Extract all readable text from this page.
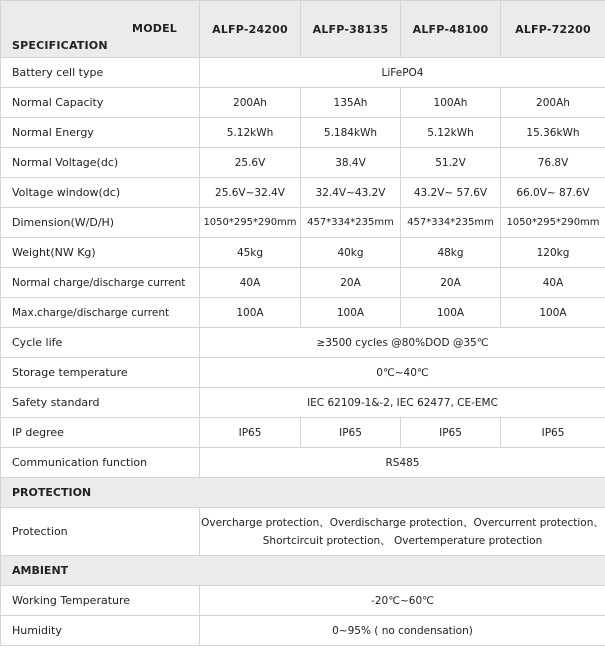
MODEL
SPECIFICATION	ALFP-24200	ALFP-38135	ALFP-48100	ALFP-72200
Battery cell type	LiFePO4			
Normal Capacity	200Ah	135Ah	100Ah	200Ah
Normal Energy	5.12kWh	5.184kWh	5.12kWh	15.36kWh
Normal Voltage(dc)	25.6V	38.4V	51.2V	76.8V
Voltage window(dc)	25.6V~32.4V	32.4V~43.2V	43.2V~ 57.6V	66.0V~ 87.6V
Dimension(W/D/H)	1050*295*290mm	457*334*235mm	457*334*235mm	1050*295*290mm
Weight(NW Kg)	45kg	40kg	48kg	120kg
Normal charge/discharge current	40A	20A	20A	40A
Max.charge/discharge current	100A	100A	100A	100A
Cycle life	≥3500 cycles @80%DOD @35℃			
Storage temperature	0℃~40℃			
Safety standard	IEC 62109-1&-2, IEC 62477, CE-EMC			
IP degree	IP65	IP65	IP65	IP65
Communication function	RS485			
PROTECTION				
Protection	Overcharge protection、Overdischarge protection、Overcurrent protection、
Shortcircuit protection、 Overtemperature protection			

AMBIENT				
Working Temperature	-20℃~60℃			
Humidity	0~95% ( no condensation)			
